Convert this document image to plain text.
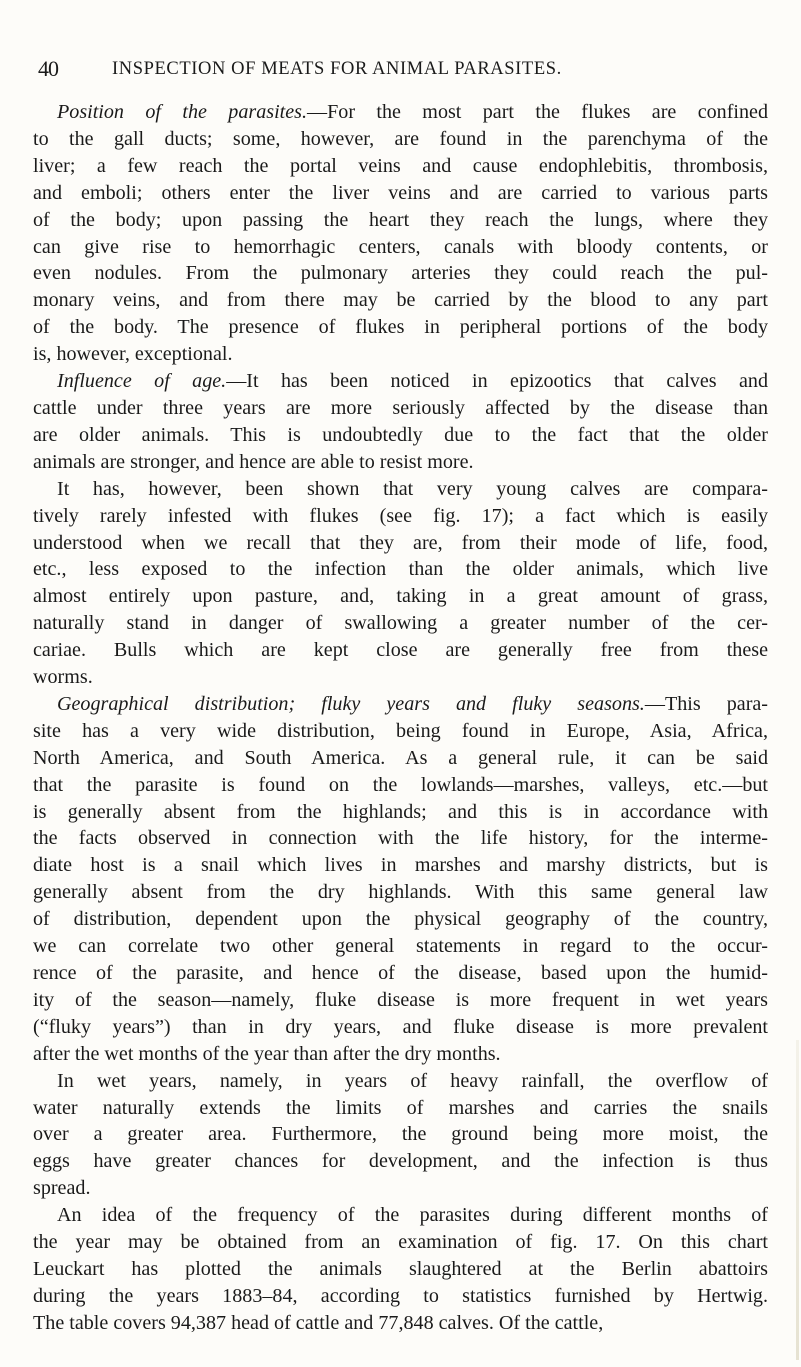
40	INSPECTION OF MEATS FOR ANIMAL PARASITES.
Position of the parasites.—For the most part the flukes are confined
to the gall ducts; some, however, are found in the parenchyma of the
liver; a few reach the portal veins and cause endophlebitis, thrombosis,
and emboli; others enter the liver veins and are carried to various parts
of the body; upon passing the heart they reach the lungs, where they
can give rise to hemorrhagic centers, canals with bloody contents, or
even nodules. From the pulmonary arteries they could reach the pul-
monary veins, and from there may be carried by the blood to any part
of the body. The presence of flukes in peripheral portions of the body
is, however, exceptional.
Influence of age.—It has been noticed in epizootics that calves and
cattle under three years are more seriously affected by the disease than
are older animals. This is undoubtedly due to the fact that the older
animals are stronger, and hence are able to resist more.
It has, however, been shown that very young calves are compara-
tively rarely infested with flukes (see fig. 17); a fact which is easily
understood when we recall that they are, from their mode of life, food,
etc., less exposed to the infection than the older animals, which live
almost entirely upon pasture, and, taking in a great amount of grass,
naturally stand in danger of swallowing a greater number of the cer-
cariae. Bulls which are kept close are generally free from these
worms.
Geographical distribution; fluky years and fluky seasons.—This para-
site has a very wide distribution, being found in Europe, Asia, Africa,
North America, and South America. As a general rule, it can be said
that the parasite is found on the lowlands—marshes, valleys, etc.—but
is generally absent from the highlands; and this is in accordance with
the facts observed in connection with the life history, for the interme-
diate host is a snail which lives in marshes and marshy districts, but is
generally absent from the dry highlands. With this same general law
of distribution, dependent upon the physical geography of the country,
we can correlate two other general statements in regard to the occur-
rence of the parasite, and hence of the disease, based upon the humid-
ity of the season—namely, fluke disease is more frequent in wet years
(“fluky years”) than in dry years, and fluke disease is more prevalent
after the wet months of the year than after the dry months.
In wet years, namely, in years of heavy rainfall, the overflow of
water naturally extends the limits of marshes and carries the snails
over a greater area. Furthermore, the ground being more moist, the
eggs have greater chances for development, and the infection is thus
spread.
An idea of the frequency of the parasites during different months of
the year may be obtained from an examination of fig. 17. On this chart
Leuckart has plotted the animals slaughtered at the Berlin abattoirs
during the years 1883–84, according to statistics furnished by Hertwig.
The table covers 94,387 head of cattle and 77,848 calves. Of the cattle,
